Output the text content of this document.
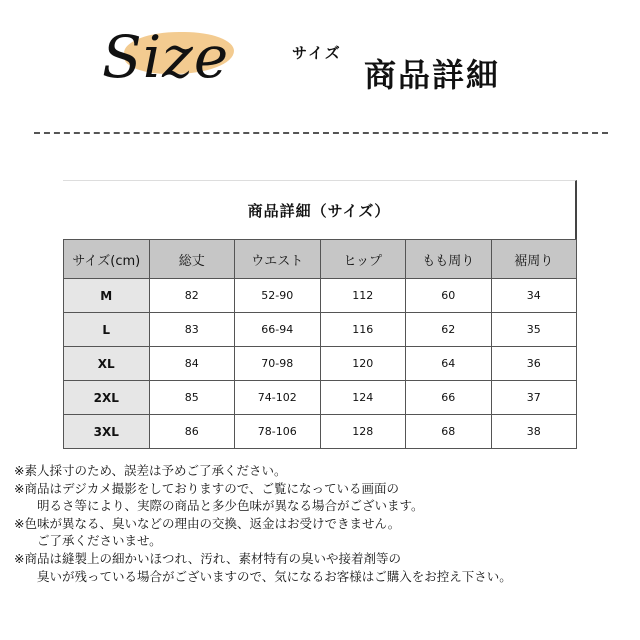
Size	サイズ
商品詳細
商品詳細（サイズ）
サイズ(cm)	総丈	ウエスト	ヒップ	もも周り	裾周り
M	82	52-90	112	60	34
L	83	66-94	116	62	35
XL	84	70-98	120	64	36
2XL	85	74-102	124	66	37
3XL	86	78-106	128	68	38
※素人採寸のため、誤差は予めご了承ください。
※商品はデジカメ撮影をしておりますので、ご覧になっている画面の
明るさ等により、実際の商品と多少色味が異なる場合がございます。
※色味が異なる、臭いなどの理由の交換、返金はお受けできません。
ご了承くださいませ。
※商品は縫製上の細かいほつれ、汚れ、素材特有の臭いや接着剤等の
臭いが残っている場合がございますので、気になるお客様はご購入をお控え下さい。
